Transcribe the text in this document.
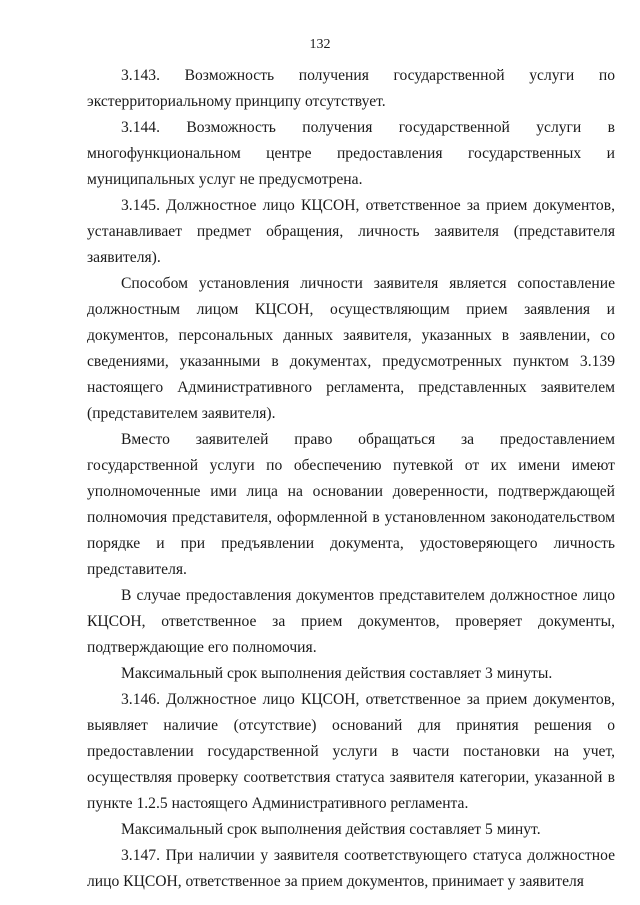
132

3.143. Возможность получения государственной услуги по экстерриториальному принципу отсутствует.

3.144. Возможность получения государственной услуги в многофункциональном центре предоставления государственных и муниципальных услуг не предусмотрена.

3.145. Должностное лицо КЦСОН, ответственное за прием документов, устанавливает предмет обращения, личность заявителя (представителя заявителя).

Способом установления личности заявителя является сопоставление должностным лицом КЦСОН, осуществляющим прием заявления и документов, персональных данных заявителя, указанных в заявлении, со сведениями, указанными в документах, предусмотренных пунктом 3.139 настоящего Административного регламента, представленных заявителем (представителем заявителя).

Вместо заявителей право обращаться за предоставлением государственной услуги по обеспечению путевкой от их имени имеют уполномоченные ими лица на основании доверенности, подтверждающей полномочия представителя, оформленной в установленном законодательством порядке и при предъявлении документа, удостоверяющего личность представителя.

В случае предоставления документов представителем должностное лицо КЦСОН, ответственное за прием документов, проверяет документы, подтверждающие его полномочия.

Максимальный срок выполнения действия составляет 3 минуты.

3.146. Должностное лицо КЦСОН, ответственное за прием документов, выявляет наличие (отсутствие) оснований для принятия решения о предоставлении государственной услуги в части постановки на учет, осуществляя проверку соответствия статуса заявителя категории, указанной в пункте 1.2.5 настоящего Административного регламента.

Максимальный срок выполнения действия составляет 5 минут.

3.147. При наличии у заявителя соответствующего статуса должностное лицо КЦСОН, ответственное за прием документов, принимает у заявителя
